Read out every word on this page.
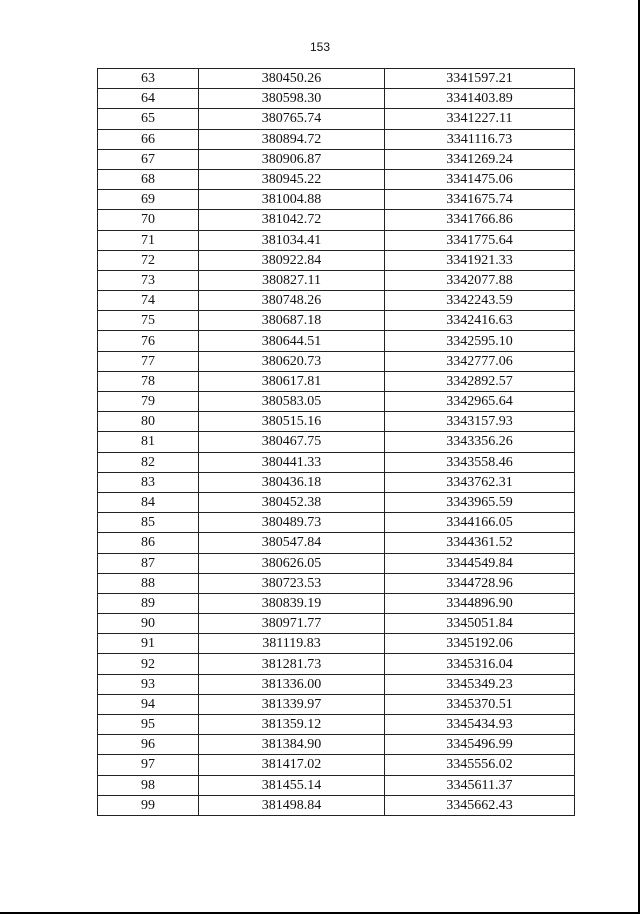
153
63	380450.26	3341597.21
64	380598.30	3341403.89
65	380765.74	3341227.11
66	380894.72	3341116.73
67	380906.87	3341269.24
68	380945.22	3341475.06
69	381004.88	3341675.74
70	381042.72	3341766.86
71	381034.41	3341775.64
72	380922.84	3341921.33
73	380827.11	3342077.88
74	380748.26	3342243.59
75	380687.18	3342416.63
76	380644.51	3342595.10
77	380620.73	3342777.06
78	380617.81	3342892.57
79	380583.05	3342965.64
80	380515.16	3343157.93
81	380467.75	3343356.26
82	380441.33	3343558.46
83	380436.18	3343762.31
84	380452.38	3343965.59
85	380489.73	3344166.05
86	380547.84	3344361.52
87	380626.05	3344549.84
88	380723.53	3344728.96
89	380839.19	3344896.90
90	380971.77	3345051.84
91	381119.83	3345192.06
92	381281.73	3345316.04
93	381336.00	3345349.23
94	381339.97	3345370.51
95	381359.12	3345434.93
96	381384.90	3345496.99
97	381417.02	3345556.02
98	381455.14	3345611.37
99	381498.84	3345662.43
